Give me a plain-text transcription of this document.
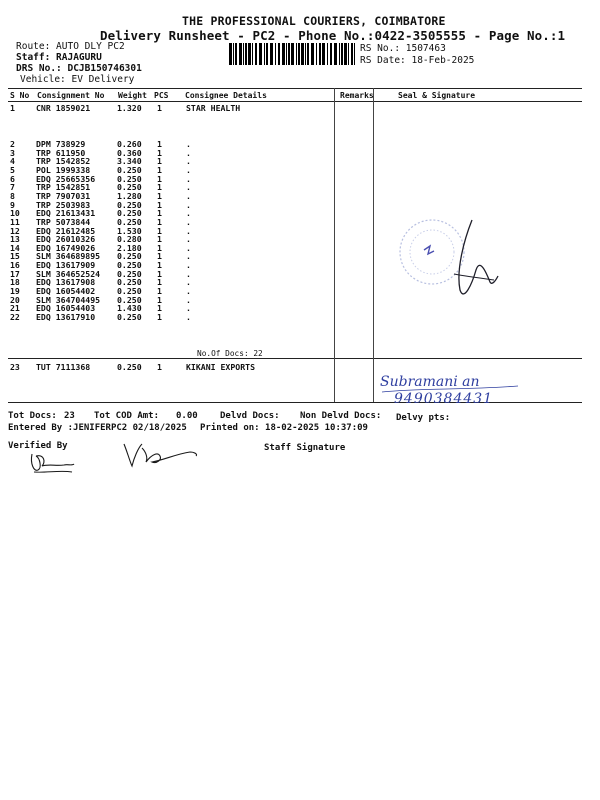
THE PROFESSIONAL COURIERS, COIMBATORE
Delivery Runsheet - PC2 - Phone No.:0422-3505555 - Page No.:1
Route: AUTO DLY PC2
Staff: RAJAGURU
DRS No.: DCJB150746301
Vehicle: EV Delivery
RS No.: 1507463
RS Date: 18-Feb-2025
S No Consignment No Weight PCS Consignee Details	Remarks	Seal & Signature
1	CNR 1859021	1.320 1	STAR HEALTH
2	DPM 738929	0.260 1	.
3	TRP 611950	0.360 1	.
4	TRP 1542852	3.340 1	.
5	POL 1999338	0.250 1	.
6	EDQ 25665356	0.250 1	.
7	TRP 1542851	0.250 1	.
8	TRP 7907031	1.280 1	.
9	TRP 2503983	0.250 1	.
10 EDQ 21613431	0.250 1	.
11 TRP 5073844	0.250 1	.
12 EDQ 21612485	1.530 1	.
13 EDQ 26010326	0.280 1	.
14 EDQ 16749026	2.180 1	.
15 SLM 364689895 0.250 1	.
16 EDQ 13617909	0.250 1	.
17 SLM 364652524 0.250 1	.
18 EDQ 13617908	0.250 1	.
19 EDQ 16054402	0.250 1	.
20 SLM 364704495 0.250 1	.
21 EDQ 16054403	1.430 1	.
22 EDQ 13617910	0.250 1	.
No.Of Docs: 22
23 TUT 7111368	0.250 1	KIKANI EXPORTS
Subramani an
9490384431
Tot Docs: 23 Tot COD Amt: 0.00 Delvd Docs: Non Delvd Docs: Delvy pts:
Entered By :JENIFERPC2 02/18/2025 Printed on: 18-02-2025 10:37:09
Verified By	Staff Signature
